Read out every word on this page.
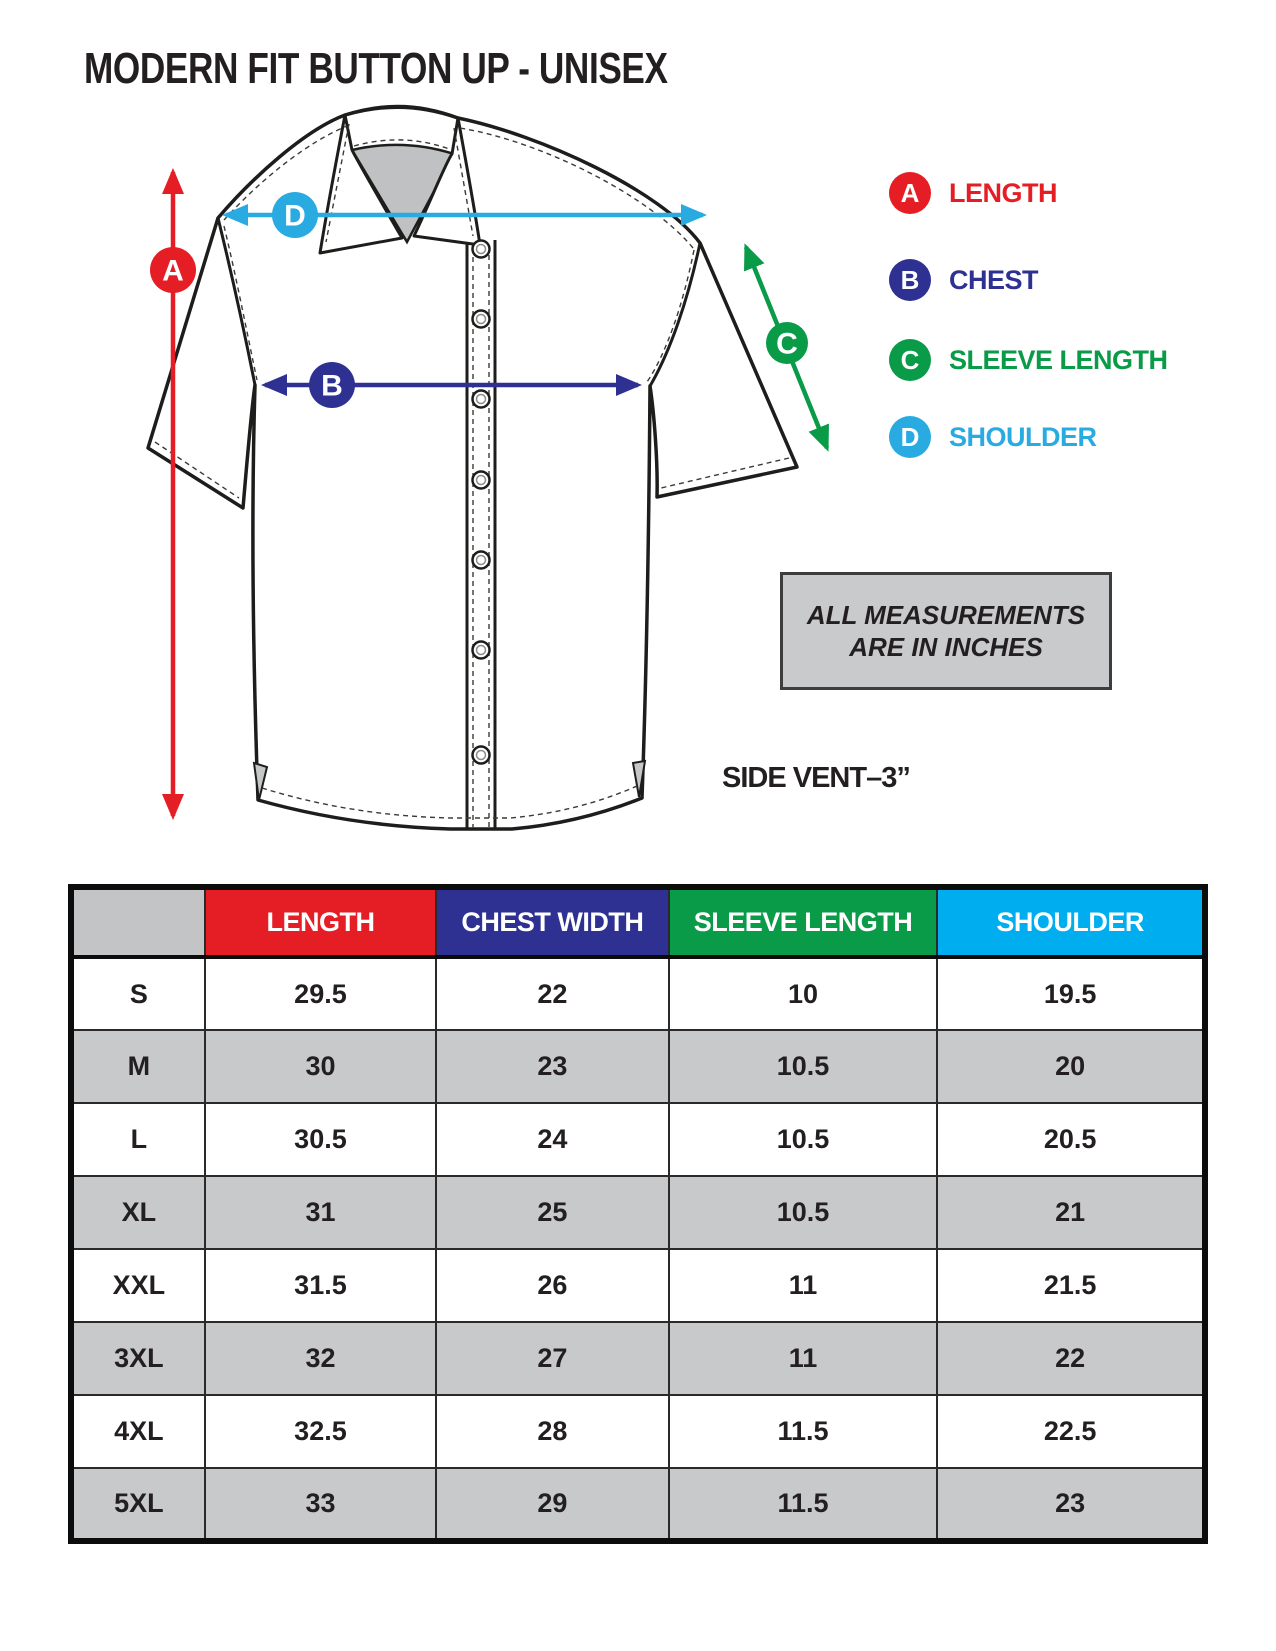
MODERN FIT BUTTON UP - UNISEX
A
D
B
C
A	LENGTH
B	CHEST
C	SLEEVE LENGTH
D	SHOULDER
ALL MEASUREMENTS
ARE IN INCHES
SIDE VENT–3”
	LENGTH	CHEST WIDTH	SLEEVE LENGTH	SHOULDER
S	29.5	22	10	19.5
M	30	23	10.5	20
L	30.5	24	10.5	20.5
XL	31	25	10.5	21
XXL	31.5	26	11	21.5
3XL	32	27	11	22
4XL	32.5	28	11.5	22.5
5XL	33	29	11.5	23
